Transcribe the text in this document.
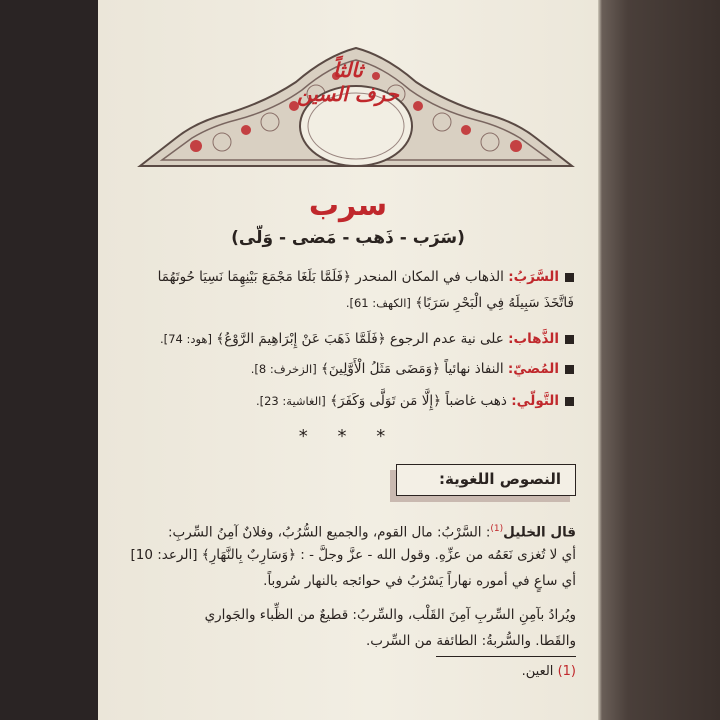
ثالثاً
حرف السين
سرب
(سَرَب - ذَهب - مَضى - وَلّى)
السَّرَبُ: الذهاب في المكان المنحدر ﴿فَلَمَّا بَلَغَا مَجْمَعَ بَيْنِهِمَا نَسِيَا حُوتَهُمَا
فَاتَّخَذَ سَبِيلَهُ فِي الْبَحْرِ سَرَبًا﴾ [الكهف: 61].
الذَّهاب: على نية عدم الرجوع ﴿فَلَمَّا ذَهَبَ عَنْ إِبْرَاهِيمَ الرَّوْعُ﴾ [هود: 74].
المُضيّ: النفاذ نهائياً ﴿وَمَضَى مَثَلُ الْأَوَّلِينَ﴾ [الزخرف: 8].
التَّولّي: ذهب غاضباً ﴿إِلَّا مَن تَوَلَّى وَكَفَرَ﴾ [الغاشية: 23].
* * *
النصوص اللغوية:
قال الخليل$^{(1)}$: السَّرْبُ: مال القوم، والجميع السُّرُبُ، وفلانٌ آمِنُ السِّربِ:
أي لا تُغزى نَعَمُه من عزِّهِ. وقول الله - عزَّ وجلَّ - : ﴿وَسَارِبٌ بِالنَّهَارِ﴾ [الرعد: 10]
أي ساعٍ في أموره نهاراً يَسْرُبُ في حوائجه بالنهار سُروباً.
ويُرادُ بآمِنِ السِّربِ آمِنَ القَلْب، والسِّربُ: قطيعٌ من الظِّباء والجَواري
والقَطا. والسُّربةُ: الطائفة من السِّرب.
(1) العين.
